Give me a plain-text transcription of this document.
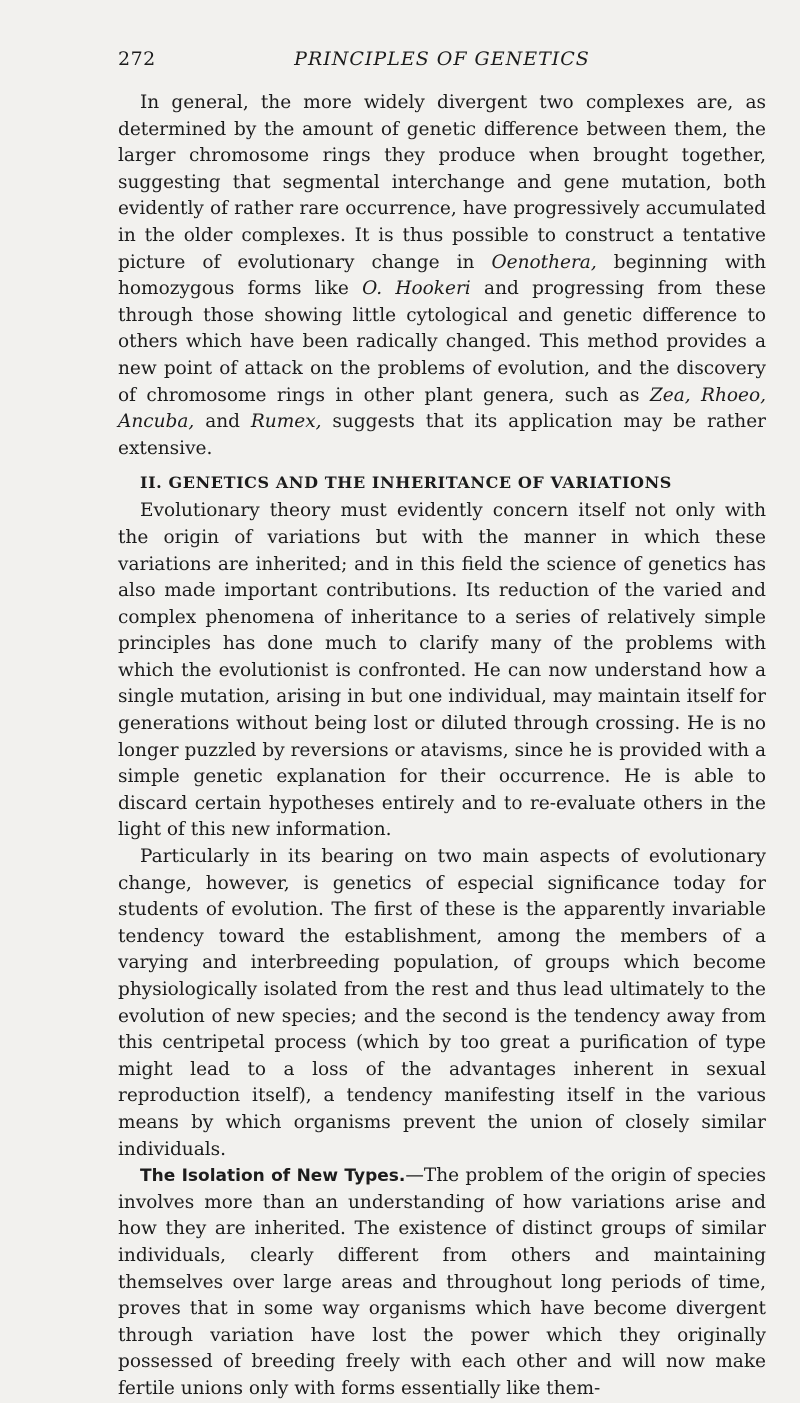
272	PRINCIPLES OF GENETICS

In general, the more widely divergent two complexes are, as determined by the amount of genetic difference between them, the larger chromosome rings they produce when brought together, suggesting that segmental interchange and gene mutation, both evidently of rather rare occurrence, have progressively accumulated in the older complexes. It is thus possible to construct a tentative picture of evolutionary change in Oenothera, beginning with homozygous forms like O. Hookeri and progressing from these through those showing little cytological and genetic difference to others which have been radically changed. This method provides a new point of attack on the problems of evolution, and the discovery of chromosome rings in other plant genera, such as Zea, Rhoeo, Ancuba, and Rumex, suggests that its application may be rather extensive.

II. GENETICS AND THE INHERITANCE OF VARIATIONS

Evolutionary theory must evidently concern itself not only with the origin of variations but with the manner in which these variations are inherited; and in this field the science of genetics has also made important contributions. Its reduction of the varied and complex phenomena of inheritance to a series of relatively simple principles has done much to clarify many of the problems with which the evolutionist is confronted. He can now understand how a single mutation, arising in but one individual, may maintain itself for generations without being lost or diluted through crossing. He is no longer puzzled by reversions or atavisms, since he is provided with a simple genetic explanation for their occurrence. He is able to discard certain hypotheses entirely and to re-evaluate others in the light of this new information.

Particularly in its bearing on two main aspects of evolutionary change, however, is genetics of especial significance today for students of evolution. The first of these is the apparently invariable tendency toward the establishment, among the members of a varying and interbreeding population, of groups which become physiologically isolated from the rest and thus lead ultimately to the evolution of new species; and the second is the tendency away from this centripetal process (which by too great a purification of type might lead to a loss of the advantages inherent in sexual reproduction itself), a tendency manifesting itself in the various means by which organisms prevent the union of closely similar individuals.

The Isolation of New Types.—The problem of the origin of species involves more than an understanding of how variations arise and how they are inherited. The existence of distinct groups of similar individuals, clearly different from others and maintaining themselves over large areas and throughout long periods of time, proves that in some way organisms which have become divergent through variation have lost the power which they originally possessed of breeding freely with each other and will now make fertile unions only with forms essentially like them-
